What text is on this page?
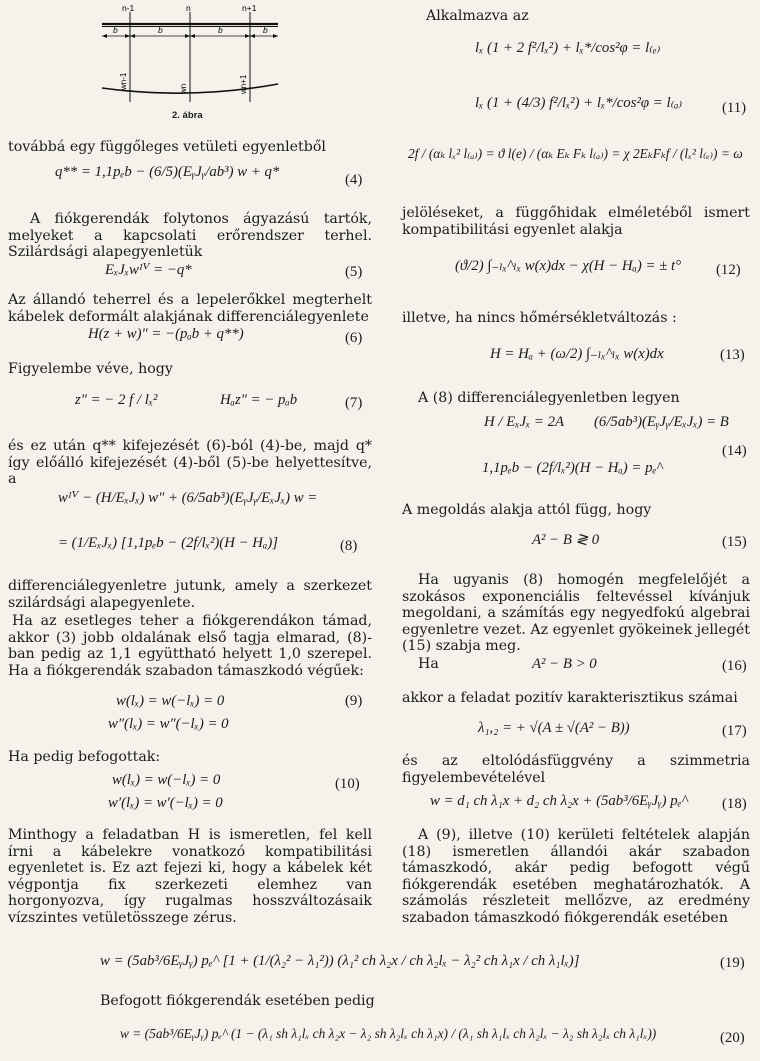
n-1	n	n+1
b	b	b	b
wn-1	wn	wn+1
2. ábra

továbbá egy függőleges vetületi egyenletből

q** = 1,1pₑb − (6/5)(EᵧJᵧ/ab³) w + q*	(4)

A fiókgerendák folytonos ágyazású tartók, melyeket a kapcsolati erőrendszer terhel. Szilárdsági alapegyenletük

EₓJₓwᴵⱽ = −q*	(5)

Az állandó teherrel és a lepelerőkkel megterhelt kábelek deformált alakjának differenciálegyenlete

H(z + w)″ = −(pₐb + q**)	(6)

Figyelembe véve, hogy

z″ = − 2 f / lₓ²	Hₐz″ = − pₐb	(7)

és ez után q** kifejezését (6)-ból (4)-be, majd q* így előálló kifejezését (4)-ből (5)-be helyettesítve, a

wᴵⱽ − (H/EₓJₓ) w″ + (6/5ab³)(EᵧJᵧ/EₓJₓ) w =
= (1/EₓJₓ) [1,1pₑb − (2f/lₓ²)(H − Hₐ)]	(8)

differenciálegyenletre jutunk, amely a szerkezet szilárdsági alapegyenlete.

Ha az esetleges teher a fiókgerendákon támad, akkor (3) jobb oldalának első tagja elmarad, (8)-ban pedig az 1,1 együttható helyett 1,0 szerepel. Ha a fiókgerendák szabadon támaszkodó végűek:

w(lₓ) = w(−lₓ) = 0
w″(lₓ) = w″(−lₓ) = 0
(9)

Ha pedig befogottak:

w(lₓ) = w(−lₓ) = 0
w′(lₓ) = w′(−lₓ) = 0
(10)

Minthogy a feladatban H is ismeretlen, fel kell írni a kábelekre vonatkozó kompatibilitási egyenletet is. Ez azt fejezi ki, hogy a kábelek két végpontja fix szerkezeti elemhez van horgonyozva, így rugalmas hosszváltozásaik vízszintes vetületösszege zérus.

Alkalmazva az

lₓ (1 + 2 f²/lₓ²) + lₓ*/cos²φ = l₍ₑ₎
lₓ (1 + (4/3) f²/lₓ²) + lₓ*/cos²φ = l₍ₐ₎	(11)
2f / (αₖ lₓ² l₍ₐ₎) = ϑ l(e) / (αₖ Eₖ Fₖ l₍ₐ₎) = χ 2EₖFₖf / (lₓ² l₍ₑ₎) = ω

jelöléseket, a függőhidak elméletéből ismert kompatibilitási egyenlet alakja

(ϑ/2) ∫₋ₗₓ^ₗₓ w(x)dx − χ(H − Hₐ) = ± t° (12)

illetve, ha nincs hőmérsékletváltozás :

H = Hₐ + (ω/2) ∫₋ₗₓ^ₗₓ w(x)dx	(13)

A (8) differenciálegyenletben legyen

H / EₓJₓ = 2A (6/5ab³)(EᵧJᵧ/EₓJₓ) = B
1,1pₑb − (2f/lₓ²)(H − Hₐ) = pₑ^
(14)

A megoldás alakja attól függ, hogy

A² − B ≷ 0	(15)

Ha ugyanis (8) homogén megfelelőjét a szokásos exponenciális feltevéssel kívánjuk megoldani, a számítás egy negyedfokú algebrai egyenletre vezet. Az egyenlet gyökeinek jellegét (15) szabja meg.

Ha	A² − B > 0	(16)

akkor a feladat pozitív karakterisztikus számai

λ₁,₂ = + √(A ± √(A² − B))	(17)

és az eltolódásfüggvény a szimmetria figyelembevételével

w = d₁ ch λ₁x + d₂ ch λ₂x + (5ab³/6EᵧJᵧ) pₑ^ (18)

A (9), illetve (10) kerületi feltételek alapján (18) ismeretlen állandói akár szabadon támaszkodó, akár pedig befogott végű fiókgerendák esetében meghatározhatók. A számolás részleteit mellőzve, az eredmény szabadon támaszkodó fiókgerendák esetében

w = (5ab³/6EᵧJᵧ) pₑ^ [1 + (1/(λ₂² − λ₁²)) (λ₁² ch λ₂x / ch λ₂lₓ − λ₂² ch λ₁x / ch λ₁lₓ)]	(19)

Befogott fiókgerendák esetében pedig

w = (5ab³/6EᵧJᵧ) pₑ^ (1 − (λ₁ sh λ₁lₓ ch λ₂x − λ₂ sh λ₂lₓ ch λ₁x) / (λ₁ sh λ₁lₓ ch λ₂lₓ − λ₂ sh λ₂lₓ ch λ₁lₓ))	(20)
